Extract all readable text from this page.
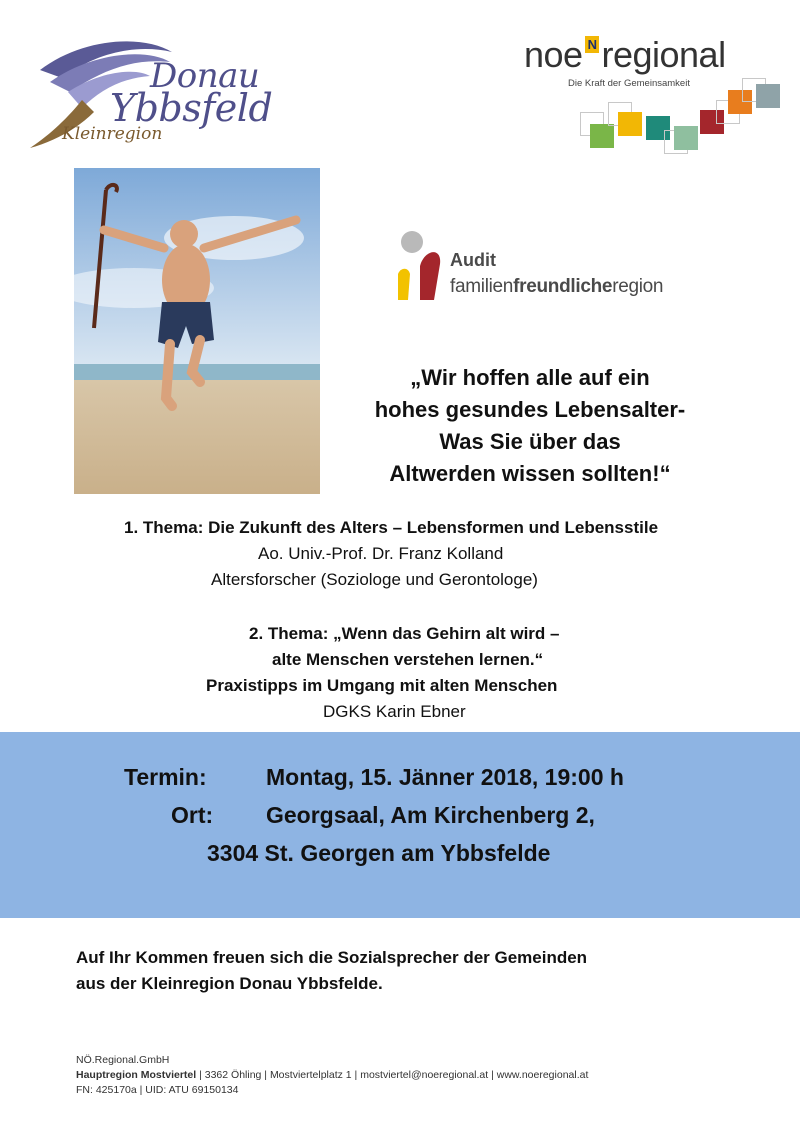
Donau
Ybbsfeld
Kleinregion
noe N regional
Die Kraft der Gemeinsamkeit
Audit
familienfreundlicheregion
„Wir hoffen alle auf ein
hohes gesundes Lebensalter-
Was Sie über das
Altwerden wissen sollten!“
1. Thema: Die Zukunft des Alters – Lebensformen und Lebensstile
Ao. Univ.-Prof. Dr. Franz Kolland
Altersforscher (Soziologe und Gerontologe)
2. Thema: „Wenn das Gehirn alt wird –
alte Menschen verstehen lernen.“
Praxistipps im Umgang mit alten Menschen
DGKS Karin Ebner
Termin:	Montag, 15. Jänner 2018, 19:00 h
Ort: Georgsaal, Am Kirchenberg 2,
3304 St. Georgen am Ybbsfelde
Auf Ihr Kommen freuen sich die Sozialsprecher der Gemeinden
aus der Kleinregion Donau Ybbsfelde.
NÖ.Regional.GmbH
Hauptregion Mostviertel | 3362 Öhling | Mostviertelplatz 1 | mostviertel@noeregional.at | www.noeregional.at
FN: 425170a | UID: ATU 69150134
